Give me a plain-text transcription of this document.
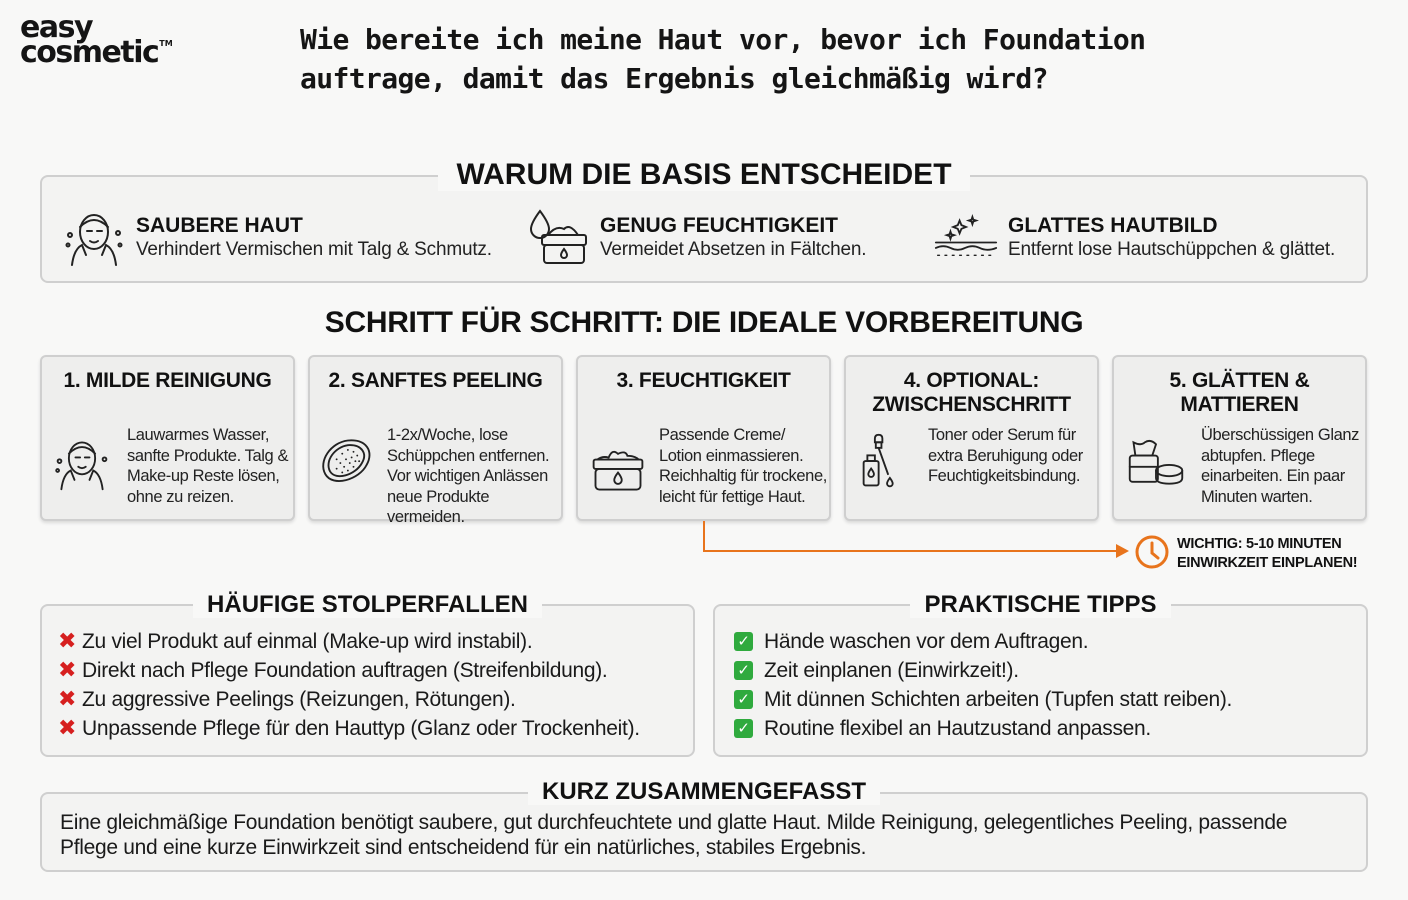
easy
cosmetic™	Wie bereite ich meine Haut vor, bevor ich Foundation auftrage, damit das Ergebnis gleichmäßig wird?
WARUM DIE BASIS ENTSCHEIDET
SAUBERE HAUT

Verhindert Vermischen mit Talg & Schmutz.

GENUG FEUCHTIGKEIT

Vermeidet Absetzen in Fältchen.

GLATTES HAUTBILD

Entfernt lose Hautschüppchen & glättet.

SCHRITT FÜR SCHRITT: DIE IDEALE VORBEREITUNG
1. MILDE REINIGUNG
Lauwarmes Wasser, sanfte Produkte. Talg & Make-up Reste lösen, ohne zu reizen.
2. SANFTES PEELING
1-2x/Woche, lose Schüppchen entfernen. Vor wichtigen Anlässen neue Produkte vermeiden.
3. FEUCHTIGKEIT
Passende Creme/ Lotion einmassieren. Reichhaltig für trockene, leicht für fettige Haut.
4. OPTIONAL: ZWISCHENSCHRITT
Toner oder Serum für extra Beruhigung oder Feuchtigkeitsbindung.
5. GLÄTTEN & MATTIEREN
Überschüssigen Glanz abtupfen. Pflege einarbeiten. Ein paar Minuten warten.
WICHTIG: 5-10 MINUTEN
EINWIRKZEIT EINPLANEN!
HÄUFIGE STOLPERFALLEN
✖ Zu viel Produkt auf einmal (Make-up wird instabil).
✖ Direkt nach Pflege Foundation auftragen (Streifenbildung).
✖ Zu aggressive Peelings (Reizungen, Rötungen).
✖ Unpassende Pflege für den Hauttyp (Glanz oder Trockenheit).
PRAKTISCHE TIPPS
✓ Hände waschen vor dem Auftragen.
✓ Zeit einplanen (Einwirkzeit!).
✓ Mit dünnen Schichten arbeiten (Tupfen statt reiben).
✓ Routine flexibel an Hautzustand anpassen.
KURZ ZUSAMMENGEFASST
Eine gleichmäßige Foundation benötigt saubere, gut durchfeuchtete und glatte Haut. Milde Reinigung, gelegentliches Peeling, passende Pflege und eine kurze Einwirkzeit sind entscheidend für ein natürliches, stabiles Ergebnis.
